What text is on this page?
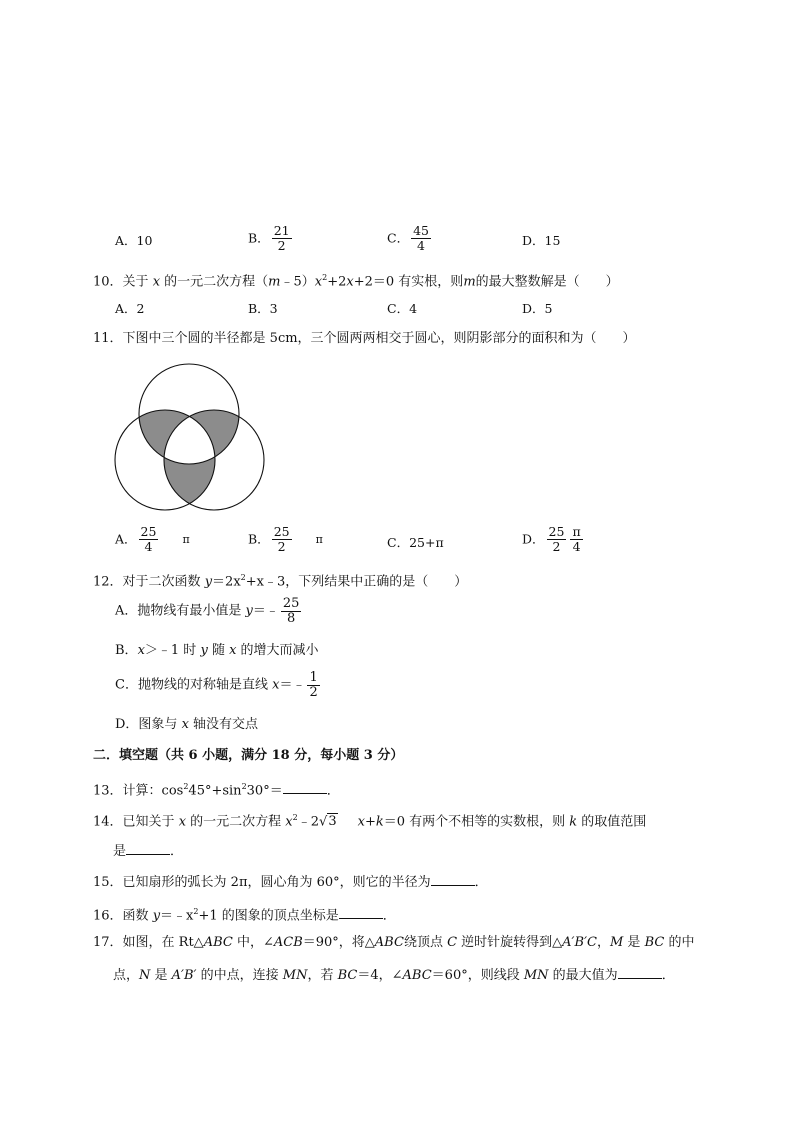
A．10	B． $\frac{21}{2}$	C． $\frac{45}{4}$	D．15
10．关于 x 的一元二次方程$(m﹣5)x^2+2x+2=0$ 有实根，则m的最大整数解是（　　）
A．2	B．3	C．4	D．5
11．下图中三个圆的半径都是 5cm，三个圆两两相交于圆心，则阴影部分的面积和为（　　）
A． $\frac{25}{4}$ π	B． $\frac{25}{2}$ π	C．25+π	D． $\frac{25}{2} \frac{\pi}{4}$
12．对于二次函数 $y=2x^2+x﹣3$，下列结果中正确的是（　　）
A．抛物线有最小值是 y＝﹣ $\frac{25}{8}$
B．x＞﹣1 时 y 随 x 的增大而减小
C．抛物线的对称轴是直线 x＝﹣ $\frac{1}{2}$
D．图象与 x 轴没有交点
二．填空题（共 6 小题，满分 18 分，每小题 3 分）
13．计算：$\cos^245^\circ+\sin^230^\circ=$	．
14．已知关于 x 的一元二次方程 $x^2﹣2√3$ x+k＝0 有两个不相等的实数根，则 k 的取值范围
是	．
15．已知扇形的弧长为 2π，圆心角为 60°，则它的半径为	．
16．函数 $y=﹣x^2+1$ 的图象的顶点坐标是	．
17．如图，在 Rt△ABC 中，∠ACB＝90°，将△ABC绕顶点 C 逆时针旋转得到△A′B′C，M 是 BC 的中
点，N 是 A′B′ 的中点，连接 MN，若 BC＝4，∠ABC＝60°，则线段 MN 的最大值为	．
